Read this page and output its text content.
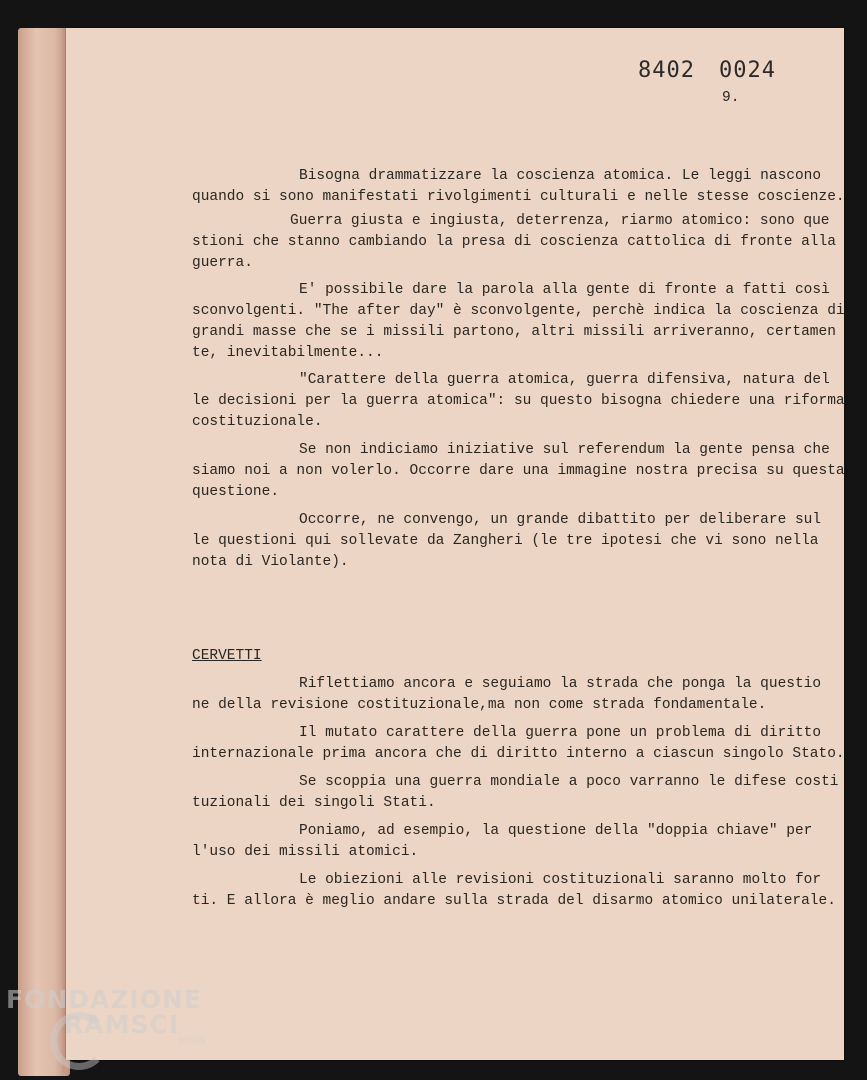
8402 0024
9.
Bisogna drammatizzare la coscienza atomica. Le leggi nascono
quando si sono manifestati rivolgimenti culturali e nelle stesse coscienze.
Guerra giusta e ingiusta, deterrenza, riarmo atomico: sono que
stioni che stanno cambiando la presa di coscienza cattolica di fronte alla
guerra.
E' possibile dare la parola alla gente di fronte a fatti così
sconvolgenti. "The after day" è sconvolgente, perchè indica la coscienza di
grandi masse che se i missili partono, altri missili arriveranno, certamen
te, inevitabilmente...
"Carattere della guerra atomica, guerra difensiva, natura del
le decisioni per la guerra atomica": su questo bisogna chiedere una riforma
costituzionale.
Se non indiciamo iniziative sul referendum la gente pensa che
siamo noi a non volerlo. Occorre dare una immagine nostra precisa su questa
questione.
Occorre, ne convengo, un grande dibattito per deliberare sul
le questioni qui sollevate da Zangheri (le tre ipotesi che vi sono nella
nota di Violante).
CERVETTI
Riflettiamo ancora e seguiamo la strada che ponga la questio
ne della revisione costituzionale,ma non come strada fondamentale.
Il mutato carattere della guerra pone un problema di diritto
internazionale prima ancora che di diritto interno a ciascun singolo Stato.
Se scoppia una guerra mondiale a poco varranno le difese costi
tuzionali dei singoli Stati.
Poniamo, ad esempio, la questione della "doppia chiave" per
l'uso dei missili atomici.
Le obiezioni alle revisioni costituzionali saranno molto for
ti. E allora è meglio andare sulla strada del disarmo atomico unilaterale.
FONDAZIONE
RAMSCI
onlus
